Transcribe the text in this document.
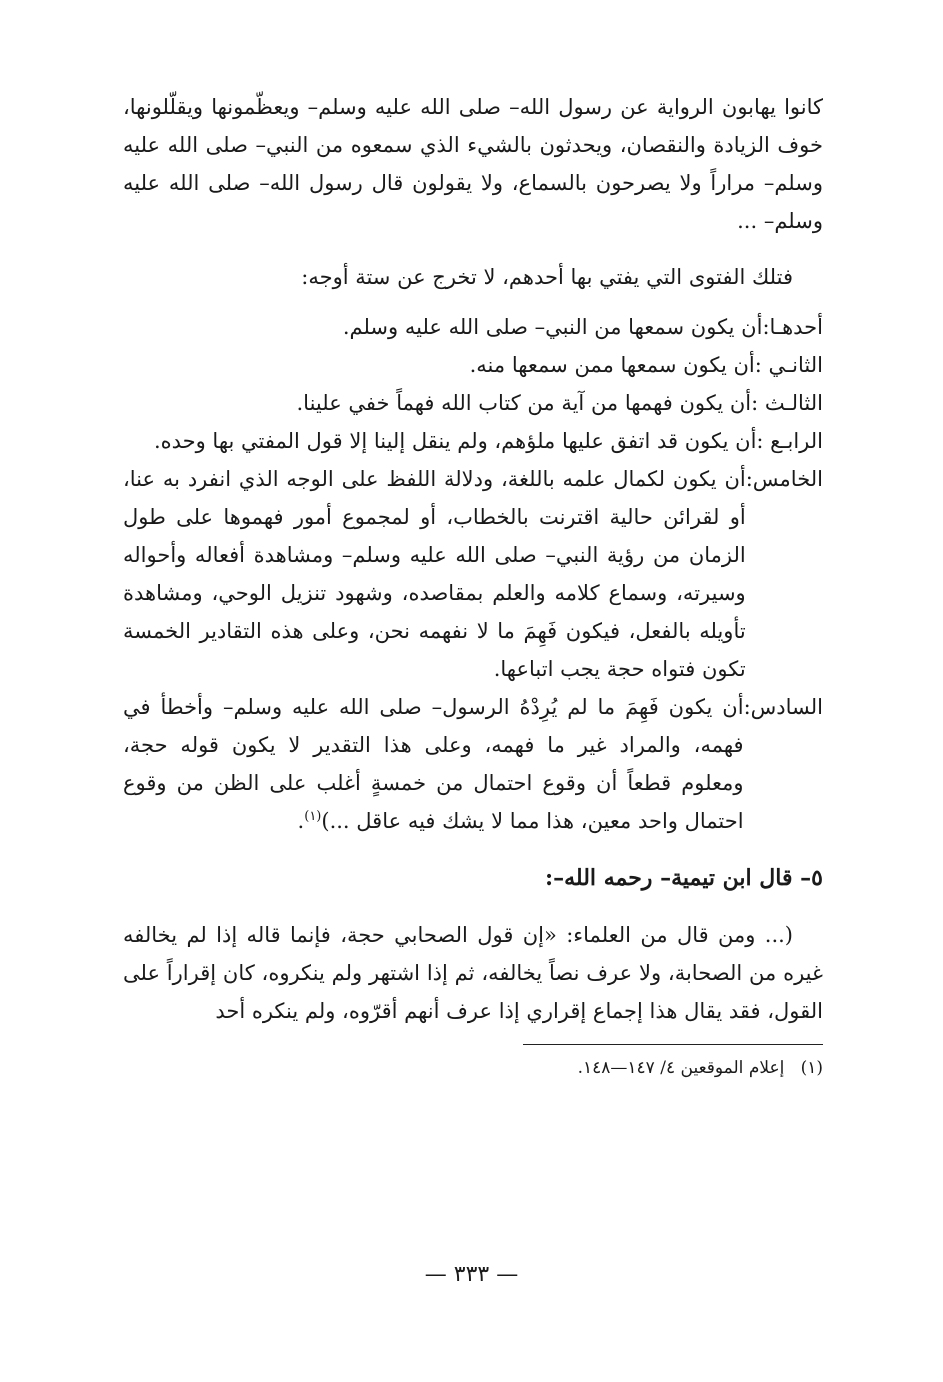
كانوا يهابون الرواية عن رسول الله– صلى الله عليه وسلم– ويعظّمونها ويقلّلونها، خوف الزيادة والنقصان، ويحدثون بالشيء الذي سمعوه من النبي– صلى الله عليه وسلم– مراراً ولا يصرحون بالسماع، ولا يقولون قال رسول الله– صلى الله عليه وسلم– ...

فتلك الفتوى التي يفتي بها أحدهم، لا تخرج عن ستة أوجه:

أحدهـا:
أن يكون سمعها من النبي– صلى الله عليه وسلم.
الثانـي :
أن يكون سمعها ممن سمعها منه.
الثالـث :
أن يكون فهمها من آية من كتاب الله فهماً خفي علينا.
الرابـع :
أن يكون قد اتفق عليها ملؤهم، ولم ينقل إلينا إلا قول المفتي بها وحده.
الخامس:
أن يكون لكمال علمه باللغة، ودلالة اللفظ على الوجه الذي انفرد به عنا، أو لقرائن حالية اقترنت بالخطاب، أو لمجموع أمور فهموها على طول الزمان من رؤية النبي– صلى الله عليه وسلم– ومشاهدة أفعاله وأحواله وسيرته، وسماع كلامه والعلم بمقاصده، وشهود تنزيل الوحي، ومشاهدة تأويله بالفعل، فيكون فَهِمَ ما لا نفهمه نحن، وعلى هذه التقادير الخمسة تكون فتواه حجة يجب اتباعها.
السادس:
أن يكون فَهِمَ ما لم يُرِدْهُ الرسول– صلى الله عليه وسلم– وأخطأ في فهمه، والمراد غير ما فهمه، وعلى هذا التقدير لا يكون قوله حجة، ومعلوم قطعاً أن وقوع احتمال من خمسةٍ أغلب على الظن من وقوع احتمال واحد معين، هذا مما لا يشك فيه عاقل ...)$^{(١)}$.

٥– قال ابن تيمية– رحمه الله–:

(... ومن قال من العلماء: «إن قول الصحابي حجة، فإنما قاله إذا لم يخالفه غيره من الصحابة، ولا عرف نصاً يخالفه، ثم إذا اشتهر ولم ينكروه، كان إقراراً على القول، فقد يقال هذا إجماع إقراري إذا عرف أنهم أقرّوه، ولم ينكره أحد

(١)   إعلام الموقعين ٤/ ١٤٧—١٤٨.
— ٣٣٣ —
